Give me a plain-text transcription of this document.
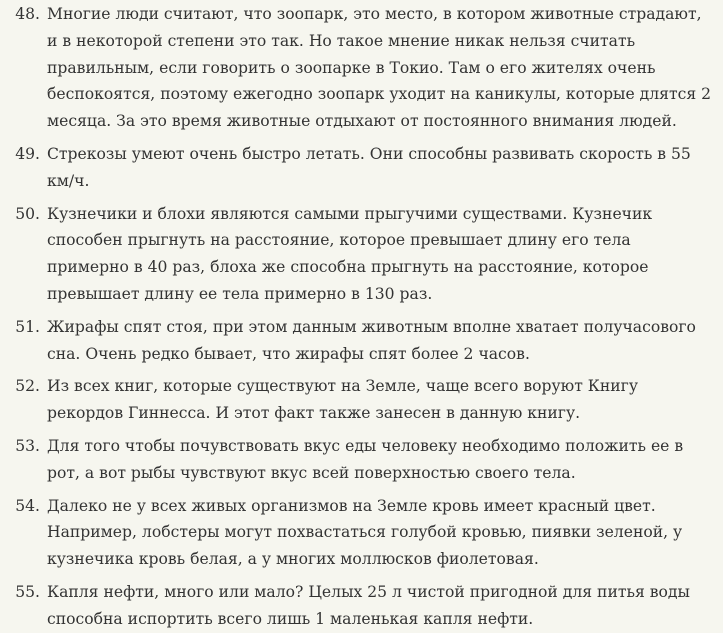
48. Многие люди считают, что зоопарк, это место, в котором животные страдают, и в некоторой степени это так. Но такое мнение никак нельзя считать правильным, если говорить о зоопарке в Токио. Там о его жителях очень беспокоятся, поэтому ежегодно зоопарк уходит на каникулы, которые длятся 2 месяца. За это время животные отдыхают от постоянного внимания людей.
49. Стрекозы умеют очень быстро летать. Они способны развивать скорость в 55 км/ч.
50. Кузнечики и блохи являются самыми прыгучими существами. Кузнечик способен прыгнуть на расстояние, которое превышает длину его тела примерно в 40 раз, блоха же способна прыгнуть на расстояние, которое превышает длину ее тела примерно в 130 раз.
51. Жирафы спят стоя, при этом данным животным вполне хватает получасового сна. Очень редко бывает, что жирафы спят более 2 часов.
52. Из всех книг, которые существуют на Земле, чаще всего воруют Книгу рекордов Гиннесса. И этот факт также занесен в данную книгу.
53. Для того чтобы почувствовать вкус еды человеку необходимо положить ее в рот, а вот рыбы чувствуют вкус всей поверхностью своего тела.
54. Далеко не у всех живых организмов на Земле кровь имеет красный цвет. Например, лобстеры могут похвастаться голубой кровью, пиявки зеленой, у кузнечика кровь белая, а у многих моллюсков фиолетовая.
55. Капля нефти, много или мало? Целых 25 л чистой пригодной для питья воды способна испортить всего лишь 1 маленькая капля нефти.
